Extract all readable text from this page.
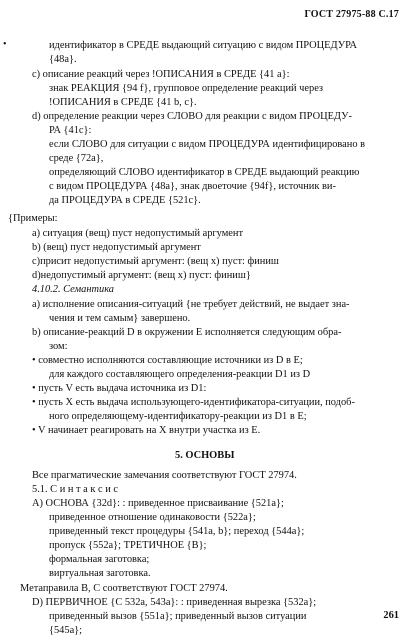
ГОСТ 27975-88 С.17
•	идентификатор в СРЕДЕ выдающий ситуацию с видом ПРОЦЕДУРА
{48a}.
c) описание реакций через !ОПИСАНИЯ в СРЕДЕ {41 a}:
знак РЕАКЦИЯ {94 f}, групповое определение реакций через
!ОПИСАНИЯ в СРЕДЕ {41 b, c}.
d) определение реакции через СЛОВО для реакции с видом ПРОЦЕДУ-
РА {41c}:
если СЛОВО для ситуации с видом ПРОЦЕДУРА идентифицировано в
среде {72a},
определяющий СЛОВО идентификатор в СРЕДЕ выдающий реакцию
с видом ПРОЦЕДУРА {48a}, знак двоеточие {94f}, источник ви-
да ПРОЦЕДУРА в СРЕДЕ {521c}.
{Примеры:
a) ситуация (вещ) пуст недопустимый аргумент
b) (вещ) пуст недопустимый аргумент
c)присит недопустимый аргумент: (вещ x) пуст: финиш
d)недопустимый аргумент: (вещ x) пуст: финиш}
4.10.2. Семантика
a) исполнение описания-ситуаций {не требует действий, не выдает зна-
чения и тем самым} завершено.
b) описание-реакций D в окружении E исполняется следующим обра-
зом:
• совместно исполняются составляющие источники из D в E;
для каждого составляющего определения-реакции D1 из D
• пусть V есть выдача источника из D1:
• пусть X есть выдача использующего-идентификатора-ситуации, подоб-
ного определяющему-идентификатору-реакции из D1 в E;
• V начинает реагировать на X внутри участка из E.
5. ОСНОВЫ
Все прагматические замечания соответствуют ГОСТ 27974.
5.1. С и н т а к с и с
A) ОСНОВА {32d}: : приведенное присваивание {521a};
приведенное отношение одинаковости {522a};
приведенный текст процедуры {541a, b}; переход {544a};
пропуск {552a}; ТРЕТИЧНОЕ {B};
формальная заготовка;
виртуальная заготовка.
Метаправила B, C соответствуют ГОСТ 27974.
D) ПЕРВИЧНОЕ {C 532a, 543a}: : приведенная вырезка {532a};
приведенный вызов {551a}; приведенный вызов ситуации
{545a};
261
